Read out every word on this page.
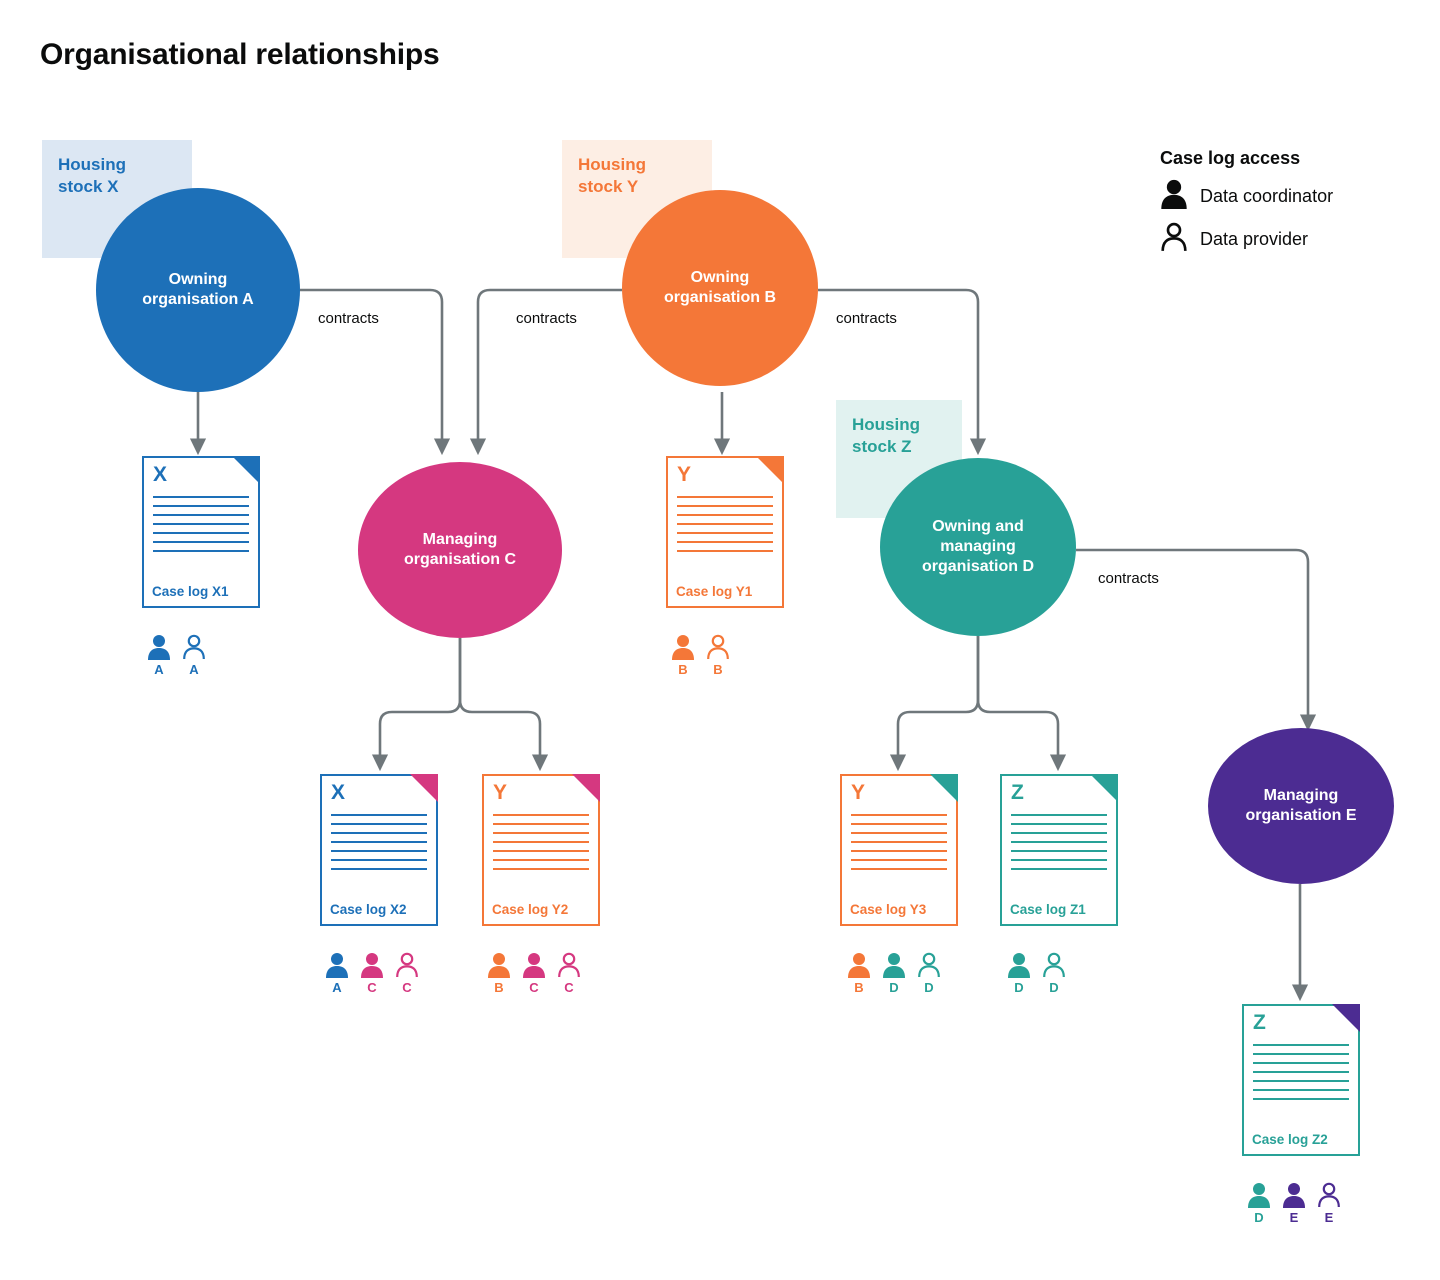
Organisational relationships
Housing
stock X
Housing
stock Y
Housing
stock Z
Owning
organisation A
Owning
organisation B
Managing
organisation C
Owning and
managing
organisation D
Managing
organisation E
contracts	contracts	contracts
contracts
X
Case log X1
A	A
Y
Case log Y1
B	B
X
Case log X2
A	C	C
Y
Case log Y2
B	C	C
Y
Case log Y3
B	D	D
Z
Case log Z1
D	D
Z
Case log Z2
D	E	E
Case log access
Data coordinator
Data provider
